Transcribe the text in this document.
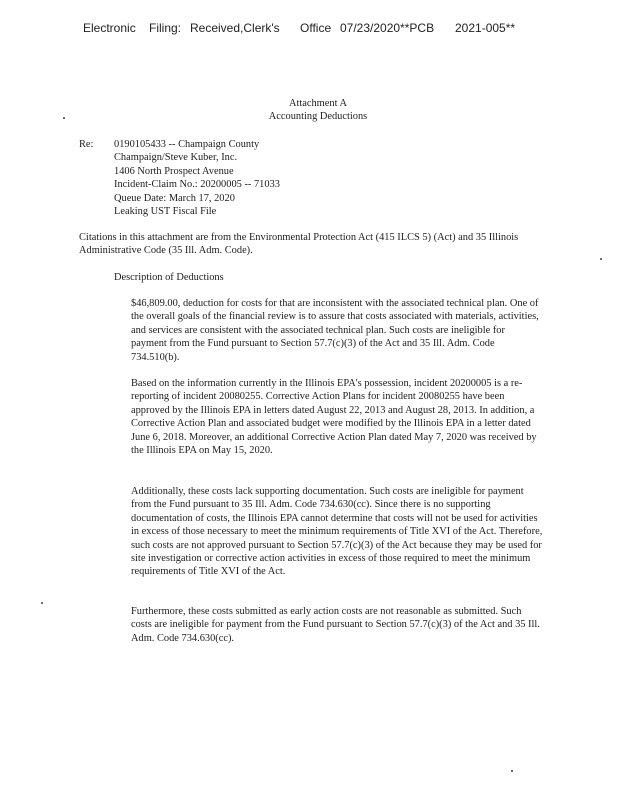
Electronic Filing: Received,Clerk's Office 07/23/2020**PCB 2021-005**
Attachment A
Accounting Deductions
Re: 0190105433 -- Champaign County
Champaign/Steve Kuber, Inc.
1406 North Prospect Avenue
Incident-Claim No.: 20200005 -- 71033
Queue Date: March 17, 2020
Leaking UST Fiscal File

Citations in this attachment are from the Environmental Protection Act (415 ILCS 5) (Act) and 35 Illinois Administrative Code (35 Ill. Adm. Code).

Description of Deductions

$46,809.00, deduction for costs for that are inconsistent with the associated technical plan. One of the overall goals of the financial review is to assure that costs associated with materials, activities, and services are consistent with the associated technical plan. Such costs are ineligible for payment from the Fund pursuant to Section 57.7(c)(3) of the Act and 35 Ill. Adm. Code 734.510(b).

Based on the information currently in the Illinois EPA's possession, incident 20200005 is a re-reporting of incident 20080255. Corrective Action Plans for incident 20080255 have been approved by the Illinois EPA in letters dated August 22, 2013 and August 28, 2013. In addition, a Corrective Action Plan and associated budget were modified by the Illinois EPA in a letter dated June 6, 2018. Moreover, an additional Corrective Action Plan dated May 7, 2020 was received by the Illinois EPA on May 15, 2020.

Additionally, these costs lack supporting documentation. Such costs are ineligible for payment from the Fund pursuant to 35 Ill. Adm. Code 734.630(cc). Since there is no supporting documentation of costs, the Illinois EPA cannot determine that costs will not be used for activities in excess of those necessary to meet the minimum requirements of Title XVI of the Act. Therefore, such costs are not approved pursuant to Section 57.7(c)(3) of the Act because they may be used for site investigation or corrective action activities in excess of those required to meet the minimum requirements of Title XVI of the Act.

Furthermore, these costs submitted as early action costs are not reasonable as submitted. Such costs are ineligible for payment from the Fund pursuant to Section 57.7(c)(3) of the Act and 35 Ill. Adm. Code 734.630(cc).
